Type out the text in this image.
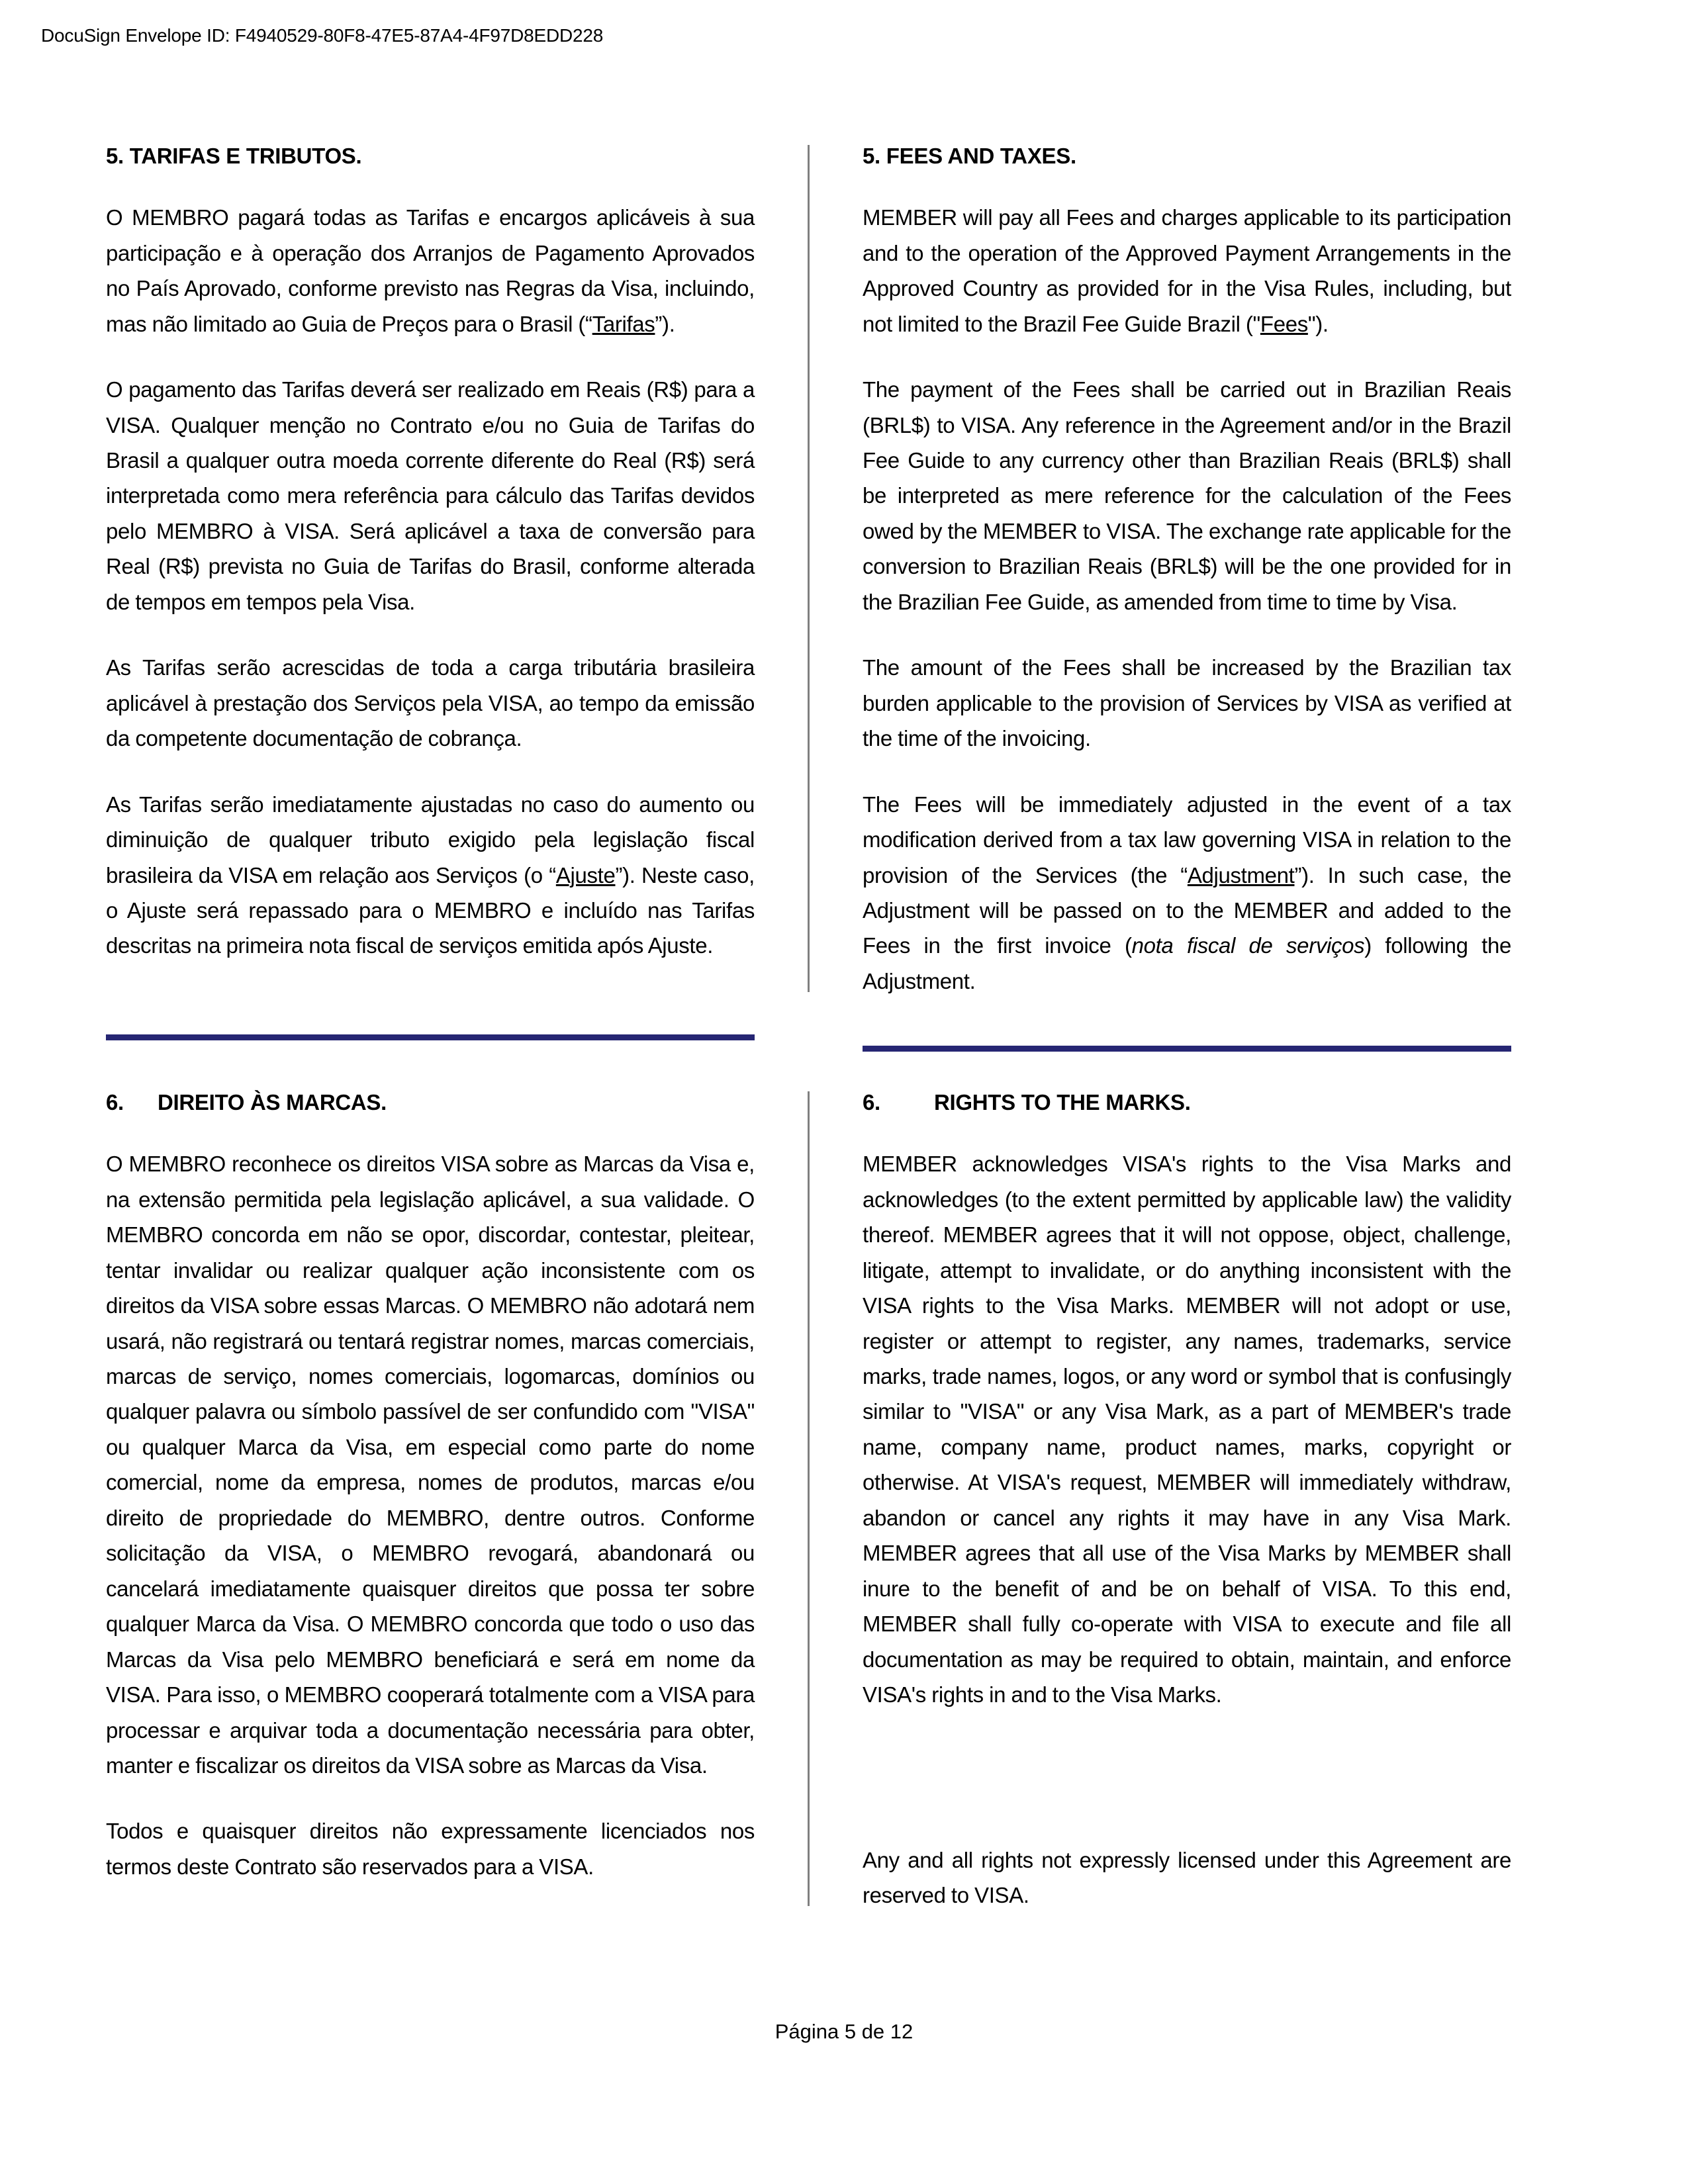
DocuSign Envelope ID: F4940529-80F8-47E5-87A4-4F97D8EDD228
5. TARIFAS E TRIBUTOS.

O MEMBRO pagará todas as Tarifas e encargos aplicáveis à sua participação e à operação dos Arranjos de Pagamento Aprovados no País Aprovado, conforme previsto nas Regras da Visa, incluindo, mas não limitado ao Guia de Preços para o Brasil (“Tarifas”).

O pagamento das Tarifas deverá ser realizado em Reais (R$) para a VISA. Qualquer menção no Contrato e/ou no Guia de Tarifas do Brasil a qualquer outra moeda corrente diferente do Real (R$) será interpretada como mera referência para cálculo das Tarifas devidos pelo MEMBRO à VISA. Será aplicável a taxa de conversão para Real (R$) prevista no Guia de Tarifas do Brasil, conforme alterada de tempos em tempos pela Visa.

As Tarifas serão acrescidas de toda a carga tributária brasileira aplicável à prestação dos Serviços pela VISA, ao tempo da emissão da competente documentação de cobrança.

As Tarifas serão imediatamente ajustadas no caso do aumento ou diminuição de qualquer tributo exigido pela legislação fiscal brasileira da VISA em relação aos Serviços (o “Ajuste”). Neste caso, o Ajuste será repassado para o MEMBRO e incluído nas Tarifas descritas na primeira nota fiscal de serviços emitida após Ajuste.

5. FEES AND TAXES.

MEMBER will pay all Fees and charges applicable to its participation and to the operation of the Approved Payment Arrangements in the Approved Country as provided for in the Visa Rules, including, but not limited to the Brazil Fee Guide Brazil ("Fees").

The payment of the Fees shall be carried out in Brazilian Reais (BRL$) to VISA. Any reference in the Agreement and/or in the Brazil Fee Guide to any currency other than Brazilian Reais (BRL$) shall be interpreted as mere reference for the calculation of the Fees owed by the MEMBER to VISA. The exchange rate applicable for the conversion to Brazilian Reais (BRL$) will be the one provided for in the Brazilian Fee Guide, as amended from time to time by Visa.

The amount of the Fees shall be increased by the Brazilian tax burden applicable to the provision of Services by VISA as verified at the time of the invoicing.

The Fees will be immediately adjusted in the event of a tax modification derived from a tax law governing VISA in relation to the provision of the Services (the “Adjustment”). In such case, the Adjustment will be passed on to the MEMBER and added to the Fees in the first invoice (nota fiscal de serviços) following the Adjustment.

6. DIREITO ÀS MARCAS.

O MEMBRO reconhece os direitos VISA sobre as Marcas da Visa e, na extensão permitida pela legislação aplicável, a sua validade. O MEMBRO concorda em não se opor, discordar, contestar, pleitear, tentar invalidar ou realizar qualquer ação inconsistente com os direitos da VISA sobre essas Marcas. O MEMBRO não adotará nem usará, não registrará ou tentará registrar nomes, marcas comerciais, marcas de serviço, nomes comerciais, logomarcas, domínios ou qualquer palavra ou símbolo passível de ser confundido com "VISA" ou qualquer Marca da Visa, em especial como parte do nome comercial, nome da empresa, nomes de produtos, marcas e/ou direito de propriedade do MEMBRO, dentre outros. Conforme solicitação da VISA, o MEMBRO revogará, abandonará ou cancelará imediatamente quaisquer direitos que possa ter sobre qualquer Marca da Visa. O MEMBRO concorda que todo o uso das Marcas da Visa pelo MEMBRO beneficiará e será em nome da VISA. Para isso, o MEMBRO cooperará totalmente com a VISA para processar e arquivar toda a documentação necessária para obter, manter e fiscalizar os direitos da VISA sobre as Marcas da Visa.

Todos e quaisquer direitos não expressamente licenciados nos termos deste Contrato são reservados para a VISA.

6. RIGHTS TO THE MARKS.

MEMBER acknowledges VISA's rights to the Visa Marks and acknowledges (to the extent permitted by applicable law) the validity thereof. MEMBER agrees that it will not oppose, object, challenge, litigate, attempt to invalidate, or do anything inconsistent with the VISA rights to the Visa Marks. MEMBER will not adopt or use, register or attempt to register, any names, trademarks, service marks, trade names, logos, or any word or symbol that is confusingly similar to "VISA" or any Visa Mark, as a part of MEMBER's trade name, company name, product names, marks, copyright or otherwise. At VISA's request, MEMBER will immediately withdraw, abandon or cancel any rights it may have in any Visa Mark. MEMBER agrees that all use of the Visa Marks by MEMBER shall inure to the benefit of and be on behalf of VISA. To this end, MEMBER shall fully co-operate with VISA to execute and file all documentation as may be required to obtain, maintain, and enforce VISA's rights in and to the Visa Marks.

Any and all rights not expressly licensed under this Agreement are reserved to VISA.

Página 5 de 12
